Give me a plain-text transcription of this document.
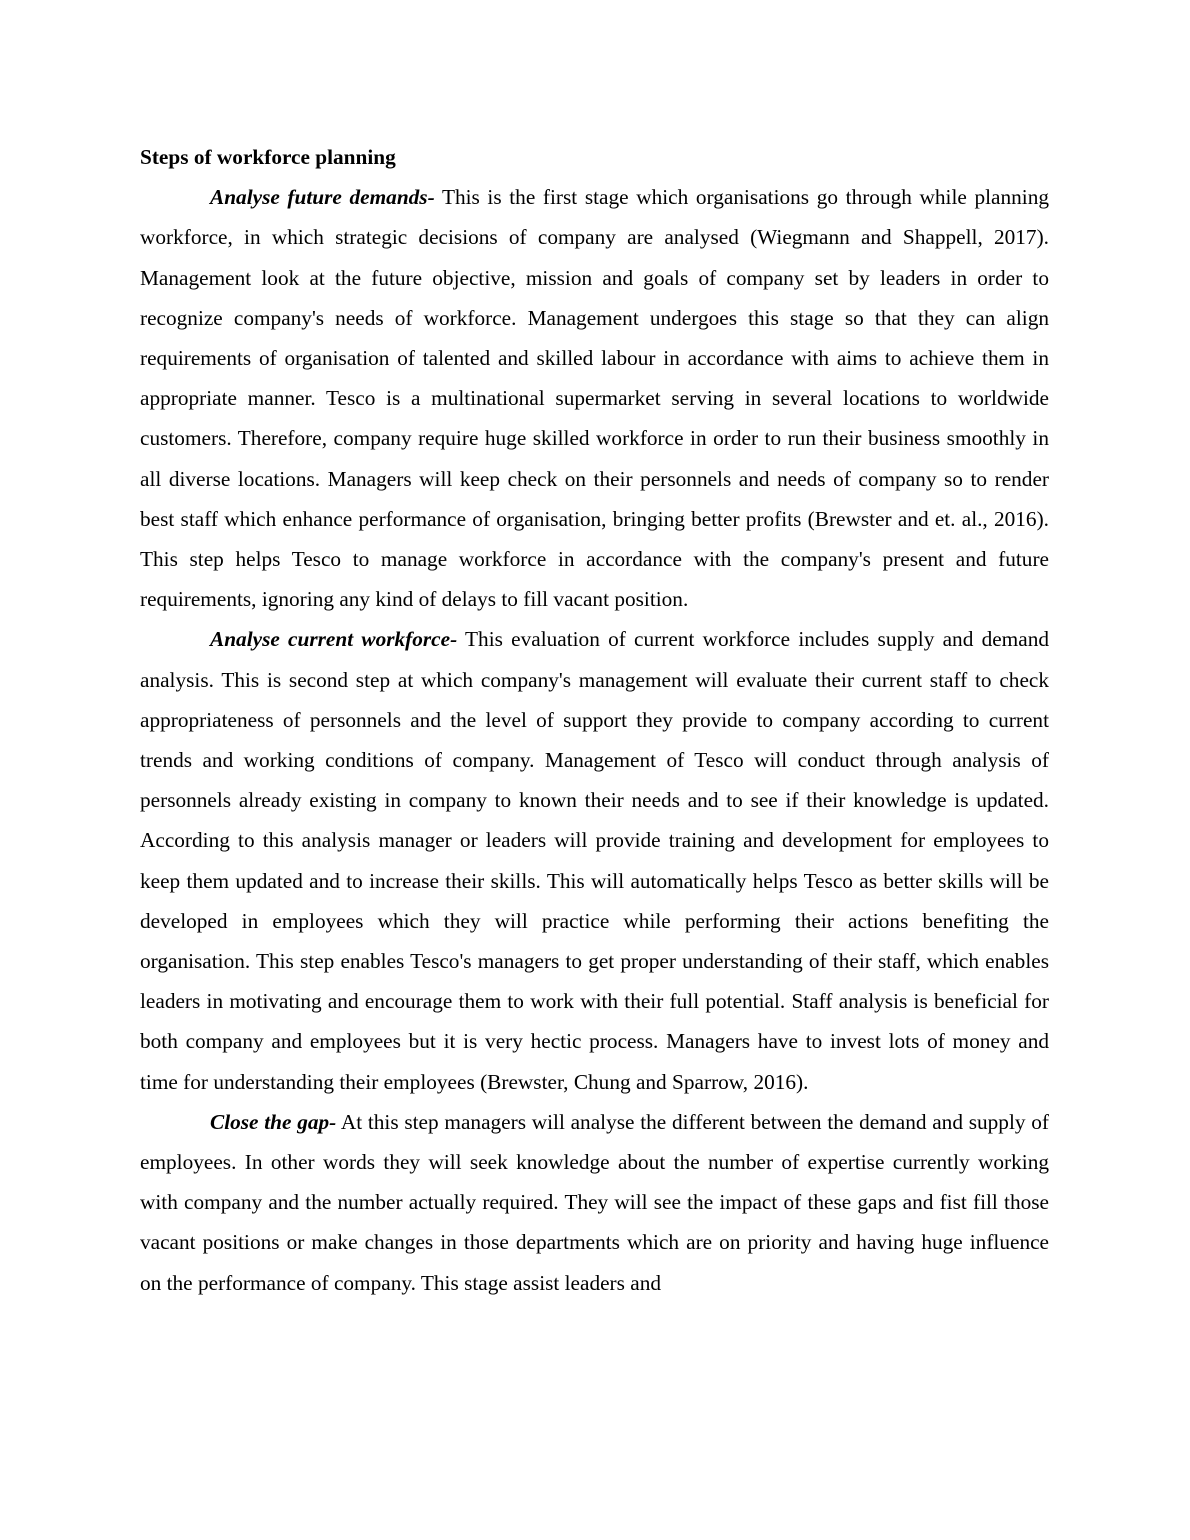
Steps of workforce planning

Analyse future demands- This is the first stage which organisations go through while planning workforce, in which strategic decisions of company are analysed (Wiegmann and Shappell, 2017). Management look at the future objective, mission and goals of company set by leaders in order to recognize company's needs of workforce. Management undergoes this stage so that they can align requirements of organisation of talented and skilled labour in accordance with aims to achieve them in appropriate manner. Tesco is a multinational supermarket serving in several locations to worldwide customers. Therefore, company require huge skilled workforce in order to run their business smoothly in all diverse locations. Managers will keep check on their personnels and needs of company so to render best staff which enhance performance of organisation, bringing better profits (Brewster and et. al., 2016). This step helps Tesco to manage workforce in accordance with the company's present and future requirements, ignoring any kind of delays to fill vacant position.

Analyse current workforce- This evaluation of current workforce includes supply and demand analysis. This is second step at which company's management will evaluate their current staff to check appropriateness of personnels and the level of support they provide to company according to current trends and working conditions of company. Management of Tesco will conduct through analysis of personnels already existing in company to known their needs and to see if their knowledge is updated. According to this analysis manager or leaders will provide training and development for employees to keep them updated and to increase their skills. This will automatically helps Tesco as better skills will be developed in employees which they will practice while performing their actions benefiting the organisation. This step enables Tesco's managers to get proper understanding of their staff, which enables leaders in motivating and encourage them to work with their full potential. Staff analysis is beneficial for both company and employees but it is very hectic process. Managers have to invest lots of money and time for understanding their employees (Brewster, Chung and Sparrow, 2016).

Close the gap- At this step managers will analyse the different between the demand and supply of employees. In other words they will seek knowledge about the number of expertise currently working with company and the number actually required. They will see the impact of these gaps and fist fill those vacant positions or make changes in those departments which are on priority and having huge influence on the performance of company. This stage assist leaders and
